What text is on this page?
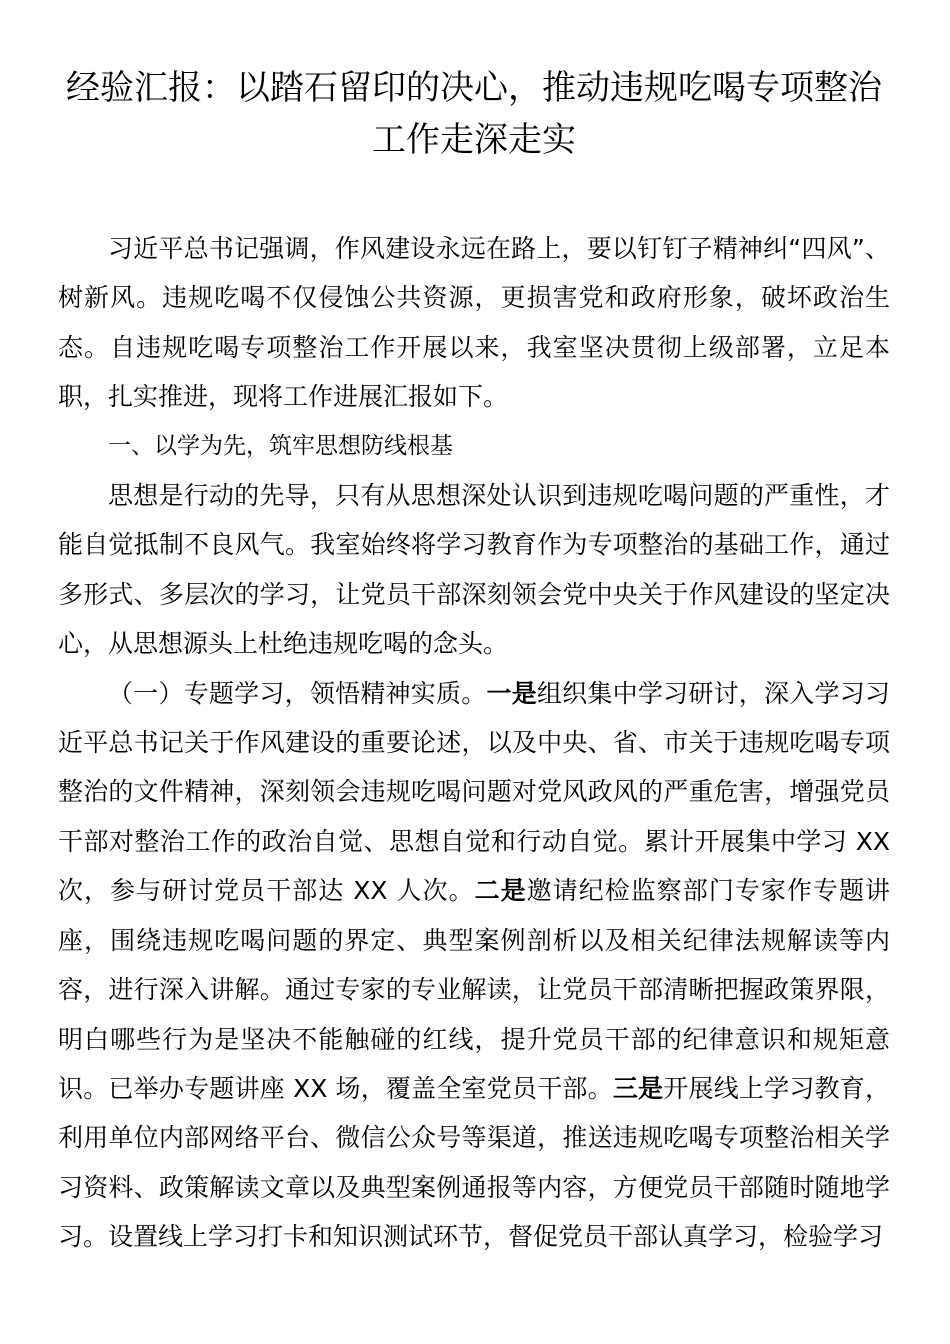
经验汇报：以踏石留印的决心，推动违规吃喝专项整治工作走深走实

习近平总书记强调，作风建设永远在路上，要以钉钉子精神纠“四风”、树新风。违规吃喝不仅侵蚀公共资源，更损害党和政府形象，破坏政治生态。自违规吃喝专项整治工作开展以来，我室坚决贯彻上级部署，立足本职，扎实推进，现将工作进展汇报如下。

一、以学为先，筑牢思想防线根基

思想是行动的先导，只有从思想深处认识到违规吃喝问题的严重性，才能自觉抵制不良风气。我室始终将学习教育作为专项整治的基础工作，通过多形式、多层次的学习，让党员干部深刻领会党中央关于作风建设的坚定决心，从思想源头上杜绝违规吃喝的念头。

（一）专题学习，领悟精神实质。一是组织集中学习研讨，深入学习习近平总书记关于作风建设的重要论述，以及中央、省、市关于违规吃喝专项整治的文件精神，深刻领会违规吃喝问题对党风政风的严重危害，增强党员干部对整治工作的政治自觉、思想自觉和行动自觉。累计开展集中学习 XX 次，参与研讨党员干部达 XX 人次。二是邀请纪检监察部门专家作专题讲座，围绕违规吃喝问题的界定、典型案例剖析以及相关纪律法规解读等内容，进行深入讲解。通过专家的专业解读，让党员干部清晰把握政策界限，明白哪些行为是坚决不能触碰的红线，提升党员干部的纪律意识和规矩意识。已举办专题讲座 XX 场，覆盖全室党员干部。三是开展线上学习教育，利用单位内部网络平台、微信公众号等渠道，推送违规吃喝专项整治相关学习资料、政策解读文章以及典型案例通报等内容，方便党员干部随时随地学习。设置线上学习打卡和知识测试环节，督促党员干部认真学习，检验学习
